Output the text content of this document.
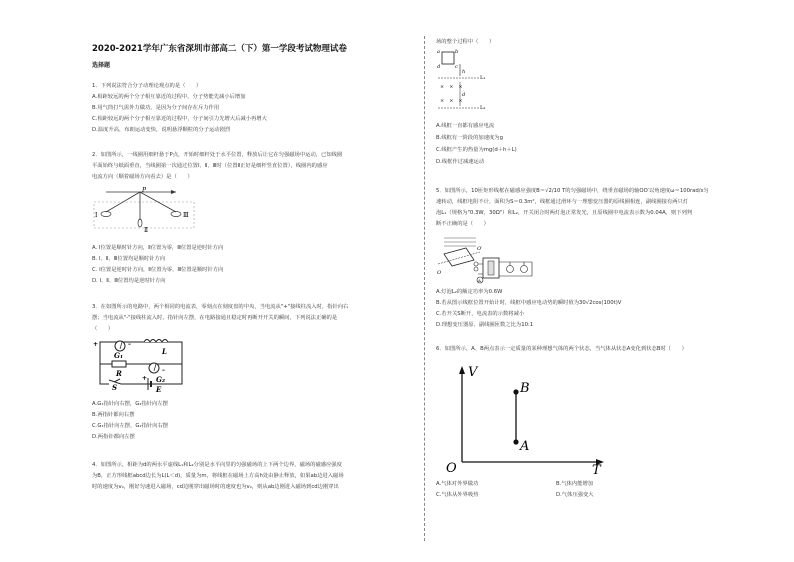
2020-2021学年广东省深圳市部高二（下）第一学段考试物理试卷
选择题
1．下列说法符合分子动理论观点的是（　　）
A.相距较远的两个分子相互靠近的过程中，分子势能先减小后增加
B.用气筒打气需外力做功，是因为分子间存在斥力作用
C.相距较远的两个分子相互靠近的过程中，分子间引力先增大后减小再增大
D.温度升高，布朗运动变快，说明悬浮颗粒的分子运动剧烈
2．如图所示，一线圈用细杆悬于P点，开始时细杆处于水平位置，释放后让它在匀强磁场中运动，已知线圈
平面始终与纸面垂直，当线圈第一次通过位置Ⅰ、Ⅱ、Ⅲ时（位置Ⅱ正好是细杆竖直位置），线圈内的感应
电流方向（顺着磁场方向看去）是（　　）
P
Ⅰ
Ⅱ
Ⅲ
A. Ⅰ位置是顺时针方向，Ⅱ位置为零，Ⅲ位置是逆时针方向
B. Ⅰ、Ⅱ、Ⅲ位置均是顺时针方向
C. Ⅰ位置是逆时针方向，Ⅱ位置为零，Ⅲ位置是顺时针方向
D. Ⅰ、Ⅱ、Ⅲ位置均是逆时针方向
3．在如图所示的电路中，两个相同的电流表，零刻点在刻度盘的中央，当电流从"+"接线柱流入时，指针向右
摆；当电流从"-"接线柱流入时，指针向左摆，在电路接通且稳定时再断开开关的瞬间，下列说法正确的是
（　　）
+	–
G₁	L
R
S
+
–
G₂
E
A.G₁指针向右摆，G₂指针向左摆
B.两指针都向右摆
C.G₁指针向左摆，G₂指针向右摆
D.两指针都向左摆
4．如图所示，相距为d的两水平虚线L₁和L₂分别是水平向里的匀强磁场的上下两个边界，磁场的磁感应强度
为B，正方形线框abcd边长为L(L＜d)，质量为m，将线框在磁场上方高h处由静止释放，如果ab边进入磁场
时的速度为v₀，刚好匀速进入磁场，cd边刚穿出磁场时的速度也为v₀，则从ab边刚进入磁场到cd边刚穿出
场的整个过程中（　　）
a	b
d	c
h
L₁
×　×　×
×　×　×
d
L₂
A.线框一直都有感应电流
B.线框有一阶段的加速度为g
C.线框产生的热量为mg(d＋h＋L)
D.线框作过减速运动
5．如图所示，10匝矩形线框在磁感应强度B＝√2/10 T的匀强磁场中，绕垂直磁场的轴OO′以角速度ω＝100rad/s匀
速转动，线框电阻不计，面积为S＝0.3m²，线框通过滑环与一理想变压器的原线圈相连，副线圈接有两只灯
泡L₁（规格为"0.3W，30Ω"）和L₂，开关闭合时两灯泡正常发光，且原线圈中电流表示数为0.04A，则下列判
断不正确的是（　　）
A
O
O′
A.灯泡L₂的额定功率为0.6W
B.若从图示线框位置开始计时，线框中感应电动势的瞬时值为30√2cos(100t)V
C.若开关S断开，电流表的示数将减小
D.理想变压器原、副线圈匝数之比为10:1
6．如图所示，A、B两点表示一定质量的某种理想气体的两个状态，当气体从状态A变化到状态B时（　　）
V
T
O
B
A
A.气体对外界做功	B.气体内能增加
C.气体从外界吸热	D.气体压强变大
